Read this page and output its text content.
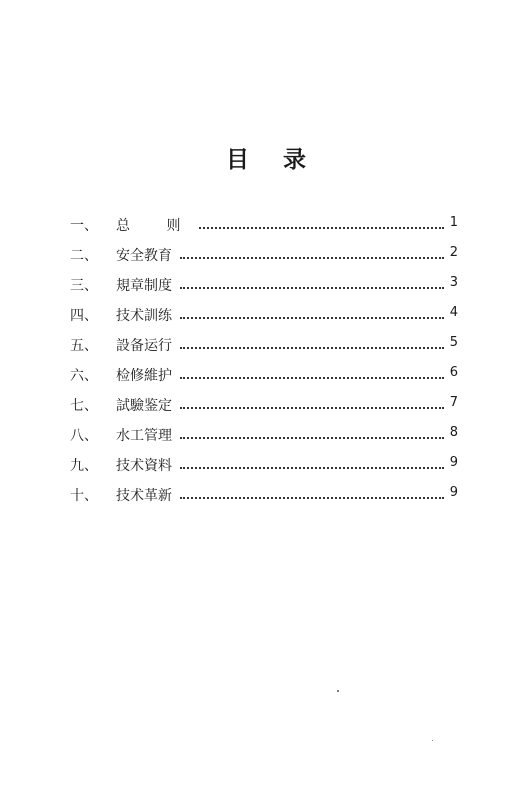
目 录
一、	总 则	1
二、	安全教育	2
三、	規章制度	3
四、	技术訓练	4
五、	設备运行	5
六、	检修維护	6
七、	試驗鉴定	7
八、	水工管理	8
九、	技术資料	9
十、	技术革新	9
